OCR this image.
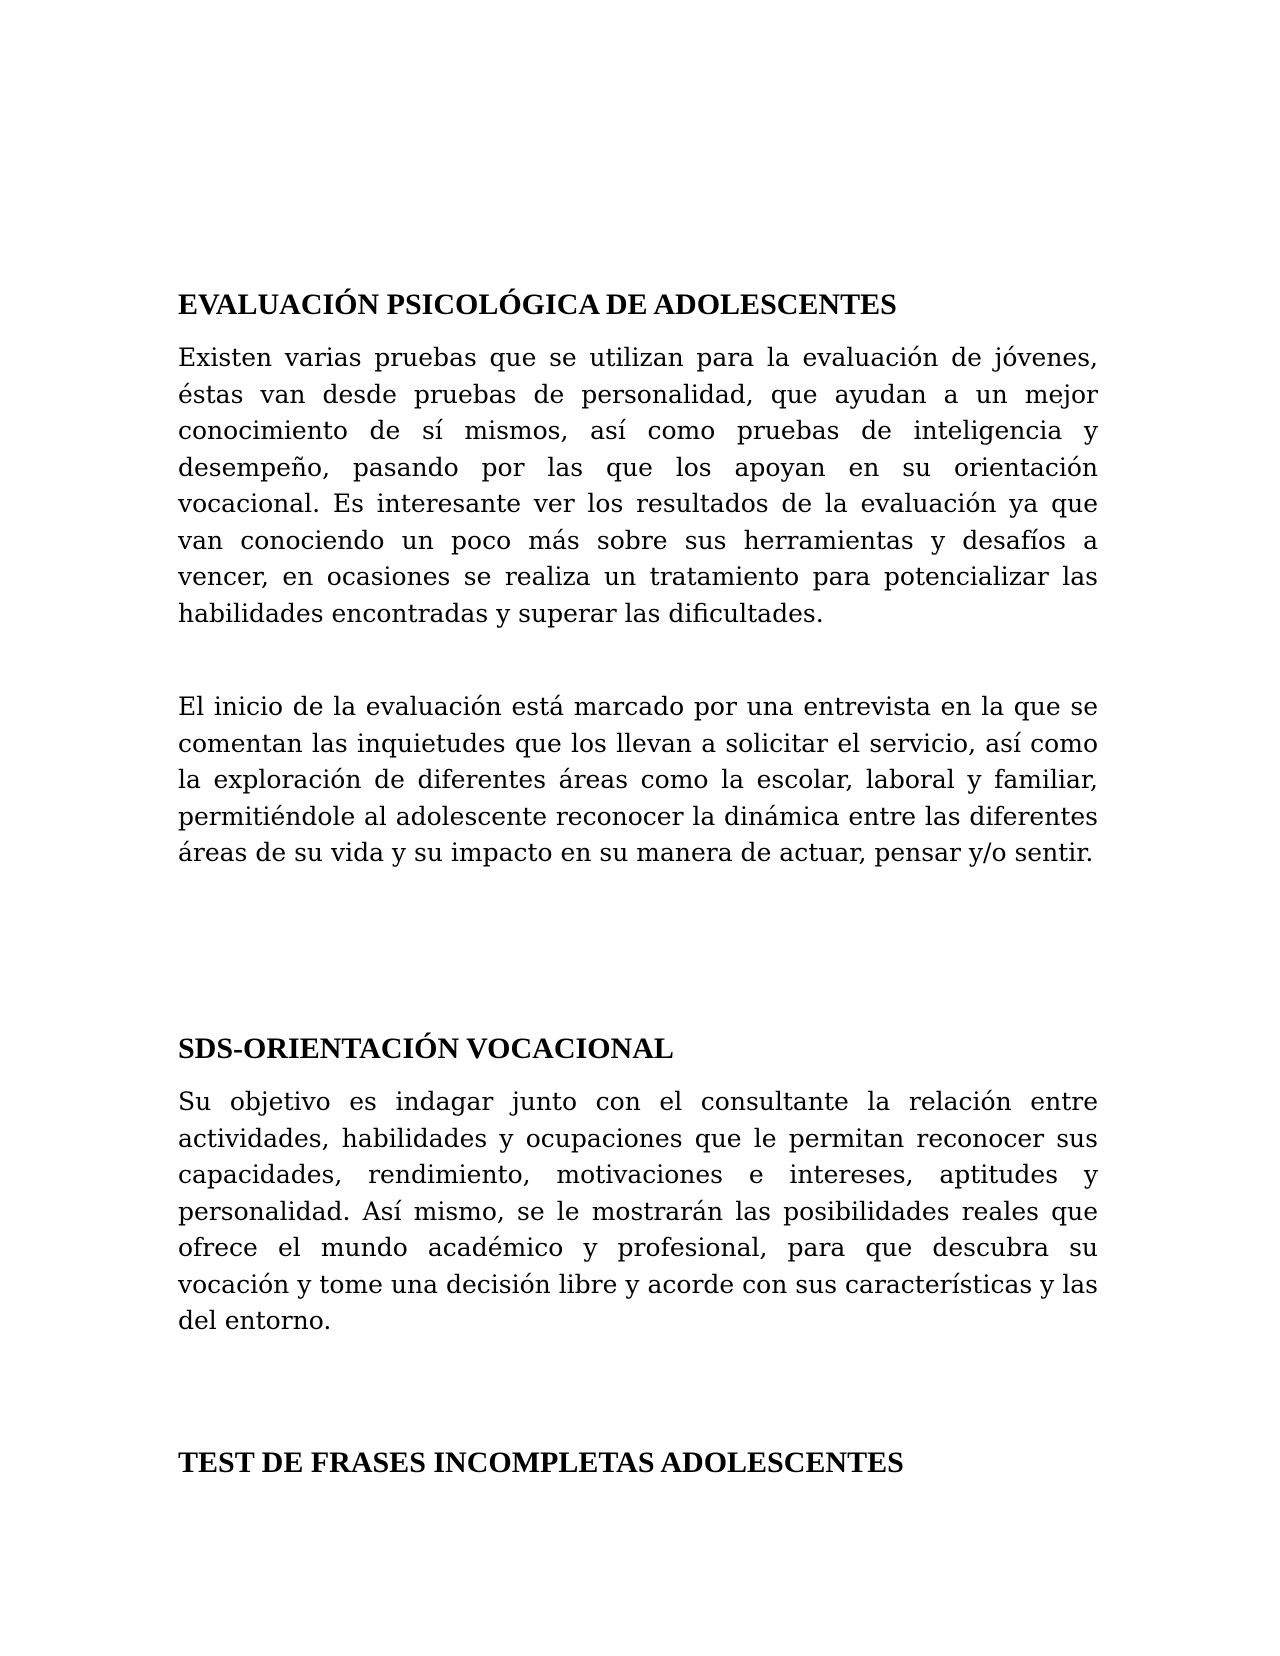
EVALUACIÓN PSICOLÓGICA DE ADOLESCENTES

Existen varias pruebas que se utilizan para la evaluación de jóvenes, éstas van desde pruebas de personalidad, que ayudan a un mejor conocimiento de sí mismos, así como pruebas de inteligencia y desempeño, pasando por las que los apoyan en su orientación vocacional. Es interesante ver los resultados de la evaluación ya que van conociendo un poco más sobre sus herramientas y desafíos a vencer, en ocasiones se realiza un tratamiento para potencializar las habilidades encontradas y superar las dificultades.

El inicio de la evaluación está marcado por una entrevista en la que se comentan las inquietudes que los llevan a solicitar el servicio, así como la exploración de diferentes áreas como la escolar, laboral y familiar, permitiéndole al adolescente reconocer la dinámica entre las diferentes áreas de su vida y su impacto en su manera de actuar, pensar y/o sentir.

SDS-ORIENTACIÓN VOCACIONAL

Su objetivo es indagar junto con el consultante la relación entre actividades, habilidades y ocupaciones que le permitan reconocer sus capacidades, rendimiento, motivaciones e intereses, aptitudes y personalidad. Así mismo, se le mostrarán las posibilidades reales que ofrece el mundo académico y profesional, para que descubra su vocación y tome una decisión libre y acorde con sus características y las del entorno.

TEST DE FRASES INCOMPLETAS ADOLESCENTES
